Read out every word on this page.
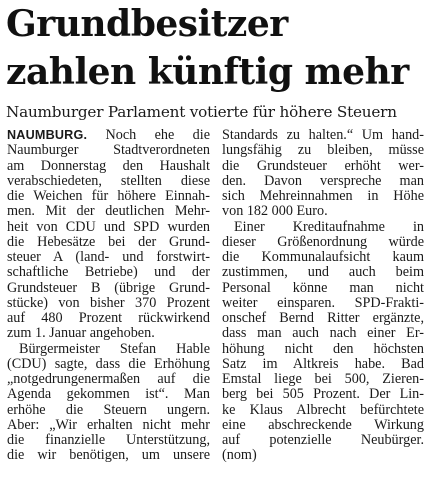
Grundbesitzer
zahlen künftig mehr
Naumburger Parlament votierte für höhere Steuern
NAUMBURG. Noch ehe die
Naumburger Stadtverordneten
am Donnerstag den Haushalt
verabschiedeten, stellten diese
die Weichen für höhere Einnah-
men. Mit der deutlichen Mehr-
heit von CDU und SPD wurden
die Hebesätze bei der Grund-
steuer A (land- und forstwirt-
schaftliche Betriebe) und der
Grundsteuer B (übrige Grund-
stücke) von bisher 370 Prozent
auf 480 Prozent rückwirkend
zum 1. Januar angehoben.
Bürgermeister Stefan Hable
(CDU) sagte, dass die Erhöhung
„notgedrungenermaßen auf die
Agenda gekommen ist“. Man
erhöhe die Steuern ungern.
Aber: „Wir erhalten nicht mehr
die finanzielle Unterstützung,
die wir benötigen, um unsere
Standards zu halten.“ Um hand-
lungsfähig zu bleiben, müsse
die Grundsteuer erhöht wer-
den. Davon verspreche man
sich Mehreinnahmen in Höhe
von 182 000 Euro.
Einer Kreditaufnahme in
dieser Größenordnung würde
die Kommunalaufsicht kaum
zustimmen, und auch beim
Personal könne man nicht
weiter einsparen. SPD-Frakti-
onschef Bernd Ritter ergänzte,
dass man auch nach einer Er-
höhung nicht den höchsten
Satz im Altkreis habe. Bad
Emstal liege bei 500, Zieren-
berg bei 505 Prozent. Der Lin-
ke Klaus Albrecht befürchtete
eine abschreckende Wirkung
auf potenzielle Neubürger.
(nom)
